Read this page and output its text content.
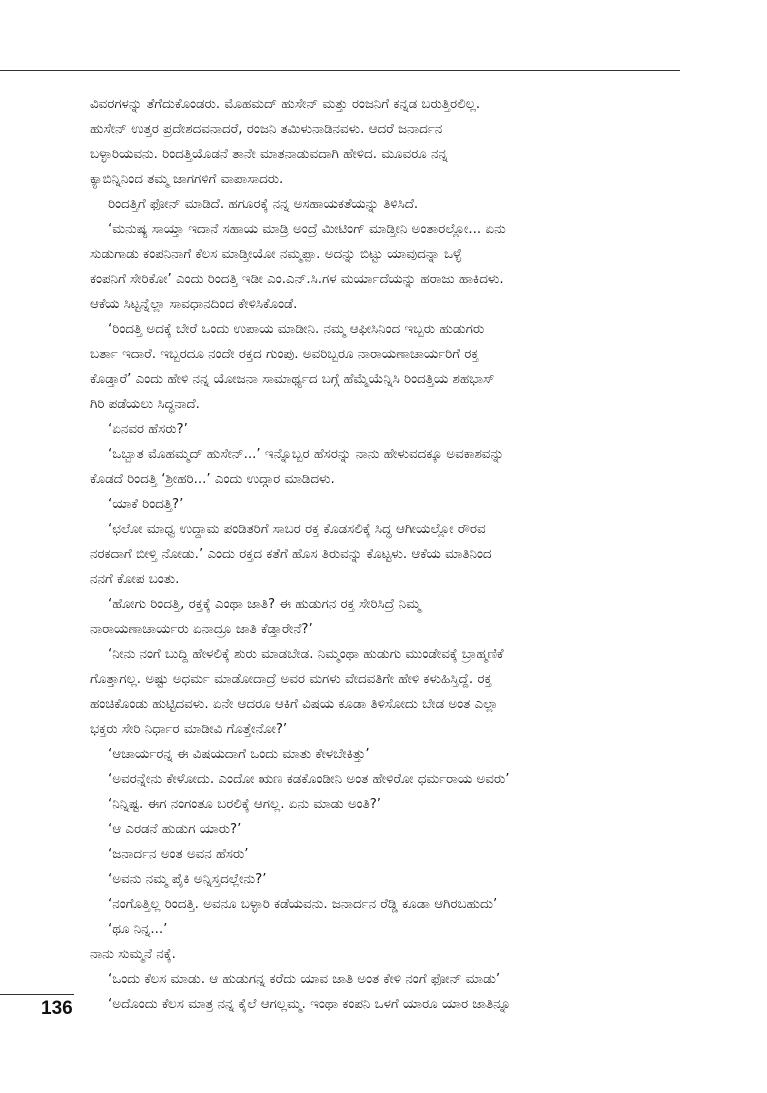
ವಿವರಗಳನ್ನು ತೆಗೆದುಕೊಂಡರು. ಮೊಹಮದ್ ಹುಸೇನ್ ಮತ್ತು ರಂಜನಿಗೆ ಕನ್ನಡ ಬರುತ್ತಿರಲಿಲ್ಲ.
ಹುಸೇನ್ ಉತ್ತರ ಪ್ರದೇಶದವನಾದರೆ, ರಂಜನಿ ತಮಿಳುನಾಡಿನವಳು. ಆದರೆ ಜನಾರ್ದನ
ಬಳ್ಳಾರಿಯವನು. ರಿಂದತ್ತಿಯೊಡನೆ ತಾನೇ ಮಾತನಾಡುವದಾಗಿ ಹೇಳಿದ. ಮೂವರೂ ನನ್ನ
ಕ್ಯಾಬಿನ್ನಿನಿಂದ ತಮ್ಮ ಜಾಗಗಳಿಗೆ ವಾಪಾಸಾದರು.
ರಿಂದತ್ತಿಗೆ ಫೋನ್ ಮಾಡಿದೆ. ಹಗೂರಕ್ಕೆ ನನ್ನ ಅಸಹಾಯಕತೆಯನ್ನು ತಿಳಿಸಿದೆ.
‘ಮನುಷ್ಯ ಸಾಯ್ತಾ ಇದಾನೆ ಸಹಾಯ ಮಾಡ್ರಿ ಅಂದ್ರೆ ಮೀಟಿಂಗ್ ಮಾಡ್ತೀನಿ ಅಂತಾರಲ್ಲೋ... ಏನು
ಸುಡುಗಾಡು ಕಂಪನಿನಾಗೆ ಕೆಲಸ ಮಾಡ್ತೀಯೋ ನಮ್ಮಪ್ಪಾ. ಅದನ್ನು ಬಿಟ್ಟು ಯಾವುದನ್ನಾ ಒಳ್ಳೆ
ಕಂಪನಿಗೆ ಸೇರಿಕೋ’ ಎಂದು ರಿಂದತ್ತಿ ಇಡೀ ಎಂ.ಎನ್.ಸಿ.ಗಳ ಮರ್ಯಾದೆಯನ್ನು ಹರಾಜು ಹಾಕಿದಳು.
ಆಕೆಯ ಸಿಟ್ಟನ್ನೆಲ್ಲಾ ಸಾವಧಾನದಿಂದ ಕೇಳಿಸಿಕೊಂಡೆ.
‘ರಿಂದತ್ತಿ ಅದಕ್ಕೆ ಬೇರೆ ಒಂದು ಉಪಾಯ ಮಾಡೀನಿ. ನಮ್ಮ ಆಫೀಸಿನಿಂದ ಇಬ್ಬರು ಹುಡುಗರು
ಬರ್ತಾ ಇದಾರೆ. ಇಬ್ಬರದೂ ನಂದೇ ರಕ್ತದ ಗುಂಪು. ಅವರಿಬ್ಬರೂ ನಾರಾಯಣಾಚಾರ್ಯರಿಗೆ ರಕ್ತ
ಕೊಡ್ತಾರೆ’ ಎಂದು ಹೇಳಿ ನನ್ನ ಯೋಜನಾ ಸಾಮಾರ್ಥ್ಯದ ಬಗ್ಗೆ ಹೆಮ್ಮೆಯೆನ್ನಿಸಿ ರಿಂದತ್ತಿಯ ಶಹಭಾಸ್
ಗಿರಿ ಪಡೆಯಲು ಸಿದ್ಧನಾದೆ.
‘ಏನವರ ಹೆಸರು?’
‘ಒಬ್ಬಾತ ಮೊಹಮ್ಮದ್ ಹುಸೇನ್...’ ಇನ್ನೊಬ್ಬರ ಹೆಸರನ್ನು ನಾನು ಹೇಳುವದಕ್ಕೂ ಅವಕಾಶವನ್ನು
ಕೊಡದೆ ರಿಂದತ್ತಿ ‘ಶ್ರೀಹರಿ...’ ಎಂದು ಉದ್ಗಾರ ಮಾಡಿದಳು.
‘ಯಾಕೆ ರಿಂದತ್ತಿ?’
‘ಛಲೋ ಮಾಧ್ವ ಉದ್ದಾಮ ಪಂಡಿತರಿಗೆ ಸಾಬರ ರಕ್ತ ಕೊಡಸಲಿಕ್ಕೆ ಸಿದ್ಧ ಆಗೀಯಲ್ಲೋ ರೌರವ
ನರಕದಾಗೆ ಬೀಳ್ತಿ ನೋಡು.’ ಎಂದು ರಕ್ತದ ಕತೆಗೆ ಹೊಸ ತಿರುವನ್ನು ಕೊಟ್ಟಳು. ಆಕೆಯ ಮಾತಿನಿಂದ
ನನಗೆ ಕೋಪ ಬಂತು.
‘ಹೋಗು ರಿಂದತ್ತಿ, ರಕ್ತಕ್ಕೆ ಎಂಥಾ ಜಾತಿ? ಈ ಹುಡುಗನ ರಕ್ತ ಸೇರಿಸಿದ್ರೆ ನಿಮ್ಮ
ನಾರಾಯಣಾಚಾರ್ಯರು ಏನಾದ್ರೂ ಜಾತಿ ಕೆಡ್ತಾರೇನೆ?’
‘ನೀನು ನಂಗೆ ಬುದ್ದಿ ಹೇಳಲಿಕ್ಕೆ ಶುರು ಮಾಡಬೇಡ. ನಿಮ್ಮಂಥಾ ಹುಡುಗು ಮುಂಡೇವಕ್ಕೆ ಬ್ರಾಹ್ಮಣಿಕೆ
ಗೊತ್ತಾಗಲ್ಲ. ಅಷ್ಟು ಅಧರ್ಮ ಮಾಡೋದಾದ್ರೆ ಅವರ ಮಗಳು ವೇದವತಿಗೇ ಹೇಳಿ ಕಳುಹಿಸ್ತಿದ್ದೆ. ರಕ್ತ
ಹಂಚಿಕೊಂಡು ಹುಟ್ಟಿದವಳು. ಏನೇ ಆದರೂ ಆಕಿಗೆ ವಿಷಯ ಕೂಡಾ ತಿಳಿಸೋದು ಬೇಡ ಅಂತ ಎಲ್ಲಾ
ಭಕ್ತರು ಸೇರಿ ನಿರ್ಧಾರ ಮಾಡೀವಿ ಗೊತ್ತೇನೋ?’
‘ಆಚಾರ್ಯರನ್ನ ಈ ವಿಷಯದಾಗೆ ಒಂದು ಮಾತು ಕೇಳಬೇಕಿತ್ತು’
‘ಅವರನ್ನೇನು ಕೇಳೋದು. ಎಂದೋ ಋಣ ಕಡಕೊಂಡೀನಿ ಅಂತ ಹೇಳಿರೋ ಧರ್ಮರಾಯ ಅವರು’
‘ನಿನ್ನಿಷ್ಟ. ಈಗ ನಂಗಂತೂ ಬರಲಿಕ್ಕೆ ಆಗಲ್ಲ. ಏನು ಮಾಡು ಅಂತಿ?’
‘ಆ ಎರಡನೆ ಹುಡುಗ ಯಾರು?’
‘ಜನಾರ್ದನ ಅಂತ ಅವನ ಹೆಸರು’
‘ಅವನು ನಮ್ಮ ಪೈಕಿ ಅನ್ನಿಸ್ತದಲ್ಲೇನು?’
‘ನಂಗೊತ್ತಿಲ್ಲ ರಿಂದತ್ತಿ. ಅವನೂ ಬಳ್ಳಾರಿ ಕಡೆಯವನು. ಜನಾರ್ದನ ರೆಡ್ಡಿ ಕೂಡಾ ಆಗಿರಬಹುದು’
‘ಥೂ ನಿನ್ನ...’
ನಾನು ಸುಮ್ಮನೆ ನಕ್ಕೆ.
‘ಒಂದು ಕೆಲಸ ಮಾಡು. ಆ ಹುಡುಗನ್ನ ಕರೆದು ಯಾವ ಜಾತಿ ಅಂತ ಕೇಳಿ ನಂಗೆ ಫೋನ್ ಮಾಡು’
‘ಅದೊಂದು ಕೆಲಸ ಮಾತ್ರ ನನ್ನ ಕೈಲೆ ಆಗಲ್ಲಮ್ಮ. ಇಂಥಾ ಕಂಪನಿ ಒಳಗೆ ಯಾರೂ ಯಾರ ಜಾತಿನ್ನೂ
136
